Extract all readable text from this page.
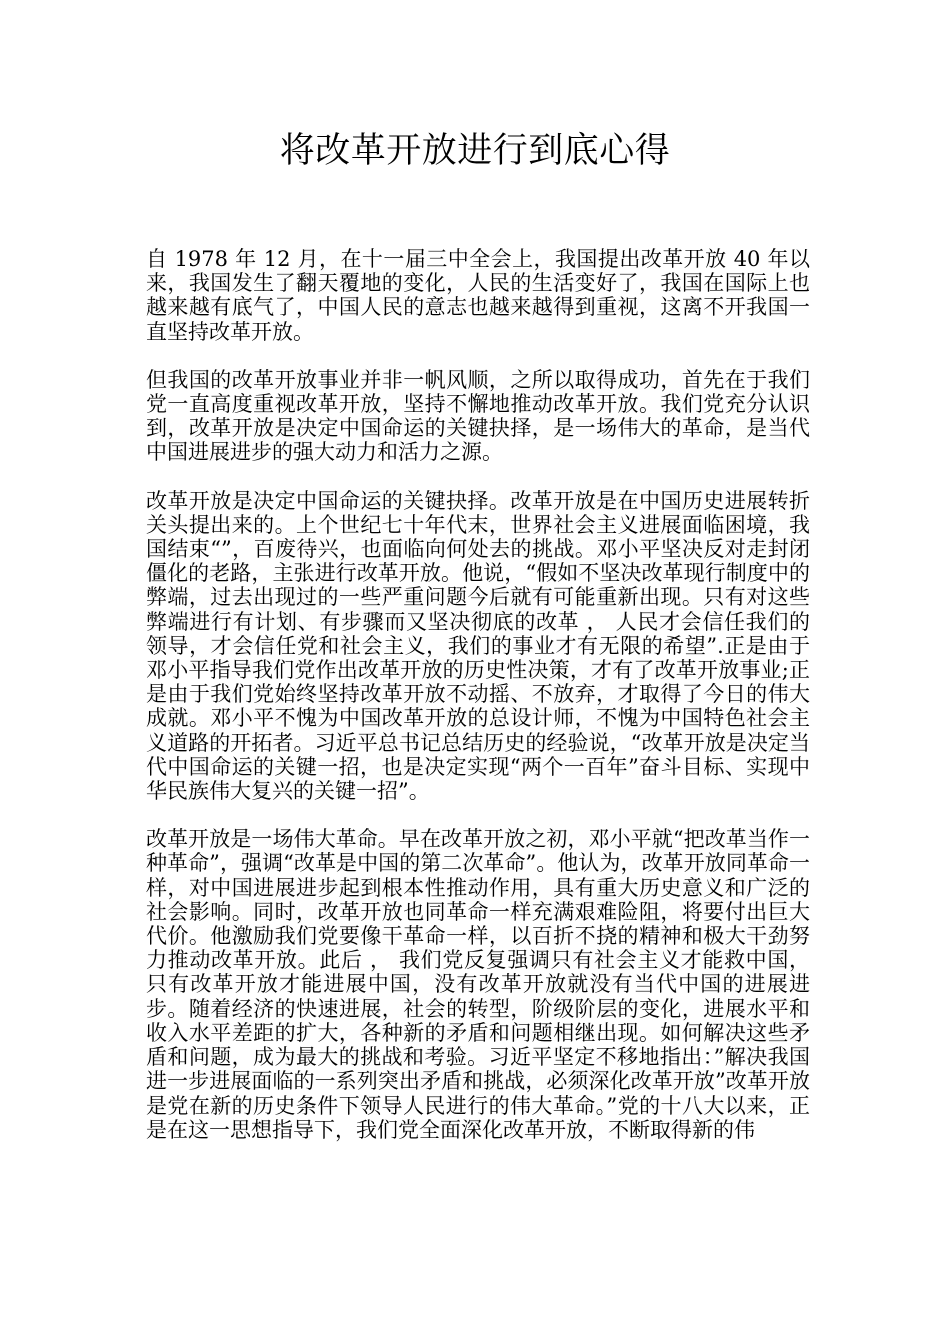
将改革开放进行到底心得

自 1978 年 12 月，在十一届三中全会上，我国提出改革开放 40 年以来，我国发生了翻天覆地的变化，人民的生活变好了，我国在国际上也越来越有底气了，中国人民的意志也越来越得到重视，这离不开我国一直坚持改革开放。

但我国的改革开放事业并非一帆风顺，之所以取得成功，首先在于我们党一直高度重视改革开放，坚持不懈地推动改革开放。我们党充分认识到，改革开放是决定中国命运的关键抉择，是一场伟大的革命，是当代中国进展进步的强大动力和活力之源。

改革开放是决定中国命运的关键抉择。改革开放是在中国历史进展转折关头提出来的。上个世纪七十年代末，世界社会主义进展面临困境，我国结束“”，百废待兴，也面临向何处去的挑战。邓小平坚决反对走封闭僵化的老路，主张进行改革开放。他说，“假如不坚决改革现行制度中的弊端，过去出现过的一些严重问题今后就有可能重新出现。只有对这些弊端进行有计划、有步骤而又坚决彻底的改革 ， 人民才会信任我们的领导，才会信任党和社会主义，我们的事业才有无限的希望”.正是由于邓小平指导我们党作出改革开放的历史性决策，才有了改革开放事业;正是由于我们党始终坚持改革开放不动摇、不放弃，才取得了今日的伟大成就。邓小平不愧为中国改革开放的总设计师，不愧为中国特色社会主义道路的开拓者。习近平总书记总结历史的经验说，“改革开放是决定当代中国命运的关键一招，也是决定实现“两个一百年”奋斗目标、实现中华民族伟大复兴的关键一招”。

改革开放是一场伟大革命。早在改革开放之初，邓小平就“把改革当作一种革命”，强调“改革是中国的第二次革命”。他认为，改革开放同革命一样，对中国进展进步起到根本性推动作用，具有重大历史意义和广泛的社会影响。同时，改革开放也同革命一样充满艰难险阻，将要付出巨大代价。他激励我们党要像干革命一样，以百折不挠的精神和极大干劲努力推动改革开放。此后 ， 我们党反复强调只有社会主义才能救中国，只有改革开放才能进展中国，没有改革开放就没有当代中国的进展进步。随着经济的快速进展，社会的转型，阶级阶层的变化，进展水平和收入水平差距的扩大，各种新的矛盾和问题相继出现。如何解决这些矛盾和问题，成为最大的挑战和考验。习近平坚定不移地指出：”解决我国进一步进展面临的一系列突出矛盾和挑战，必须深化改革开放”改革开放是党在新的历史条件下领导人民进行的伟大革命。”党的十八大以来，正是在这一思想指导下，我们党全面深化改革开放，不断取得新的伟
